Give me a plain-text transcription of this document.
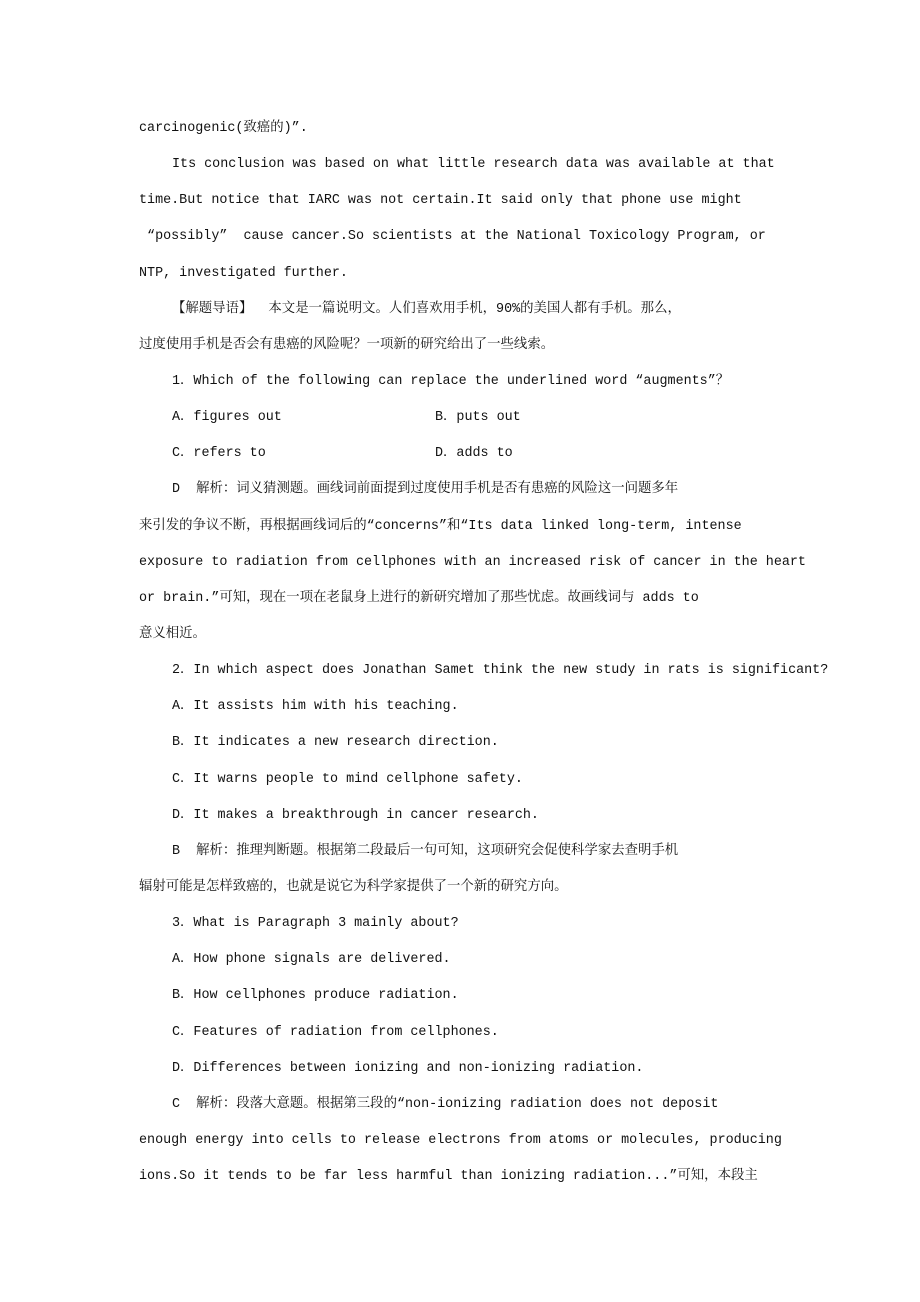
carcinogenic(致癌的)”.
Its conclusion was based on what little research data was available at that
time.But notice that IARC was not certain.It said only that phone use might
“possibly”  cause cancer.So scientists at the National Toxicology Program, or
NTP, investigated further.
【解题导语】  本文是一篇说明文。人们喜欢用手机，90%的美国人都有手机。那么，
过度使用手机是否会有患癌的风险呢？一项新的研究给出了一些线索。
1．Which of the following can replace the underlined word “augments”？

A．figures out

	B．puts out

C．refers to

	D．adds to

D  解析：词义猜测题。画线词前面提到过度使用手机是否有患癌的风险这一问题多年
来引发的争议不断，再根据画线词后的“concerns”和“Its data linked long-term, intense
exposure to radiation from cellphones with an increased risk of cancer in the heart
or brain.”可知，现在一项在老鼠身上进行的新研究增加了那些忧虑。故画线词与 adds to
意义相近。
2．In which aspect does Jonathan Samet think the new study in rats is significant?
A．It assists him with his teaching.
B．It indicates a new research direction.
C．It warns people to mind cellphone safety.
D．It makes a breakthrough in cancer research.
B  解析：推理判断题。根据第二段最后一句可知，这项研究会促使科学家去查明手机
辐射可能是怎样致癌的，也就是说它为科学家提供了一个新的研究方向。
3．What is Paragraph 3 mainly about?
A．How phone signals are delivered.
B．How cellphones produce radiation.
C．Features of radiation from cellphones.
D．Differences between ionizing and non-ionizing radiation.
C  解析：段落大意题。根据第三段的“non-ionizing radiation does not deposit
enough energy into cells to release electrons from atoms or molecules, producing
ions.So it tends to be far less harmful than ionizing radiation...”可知，本段主
